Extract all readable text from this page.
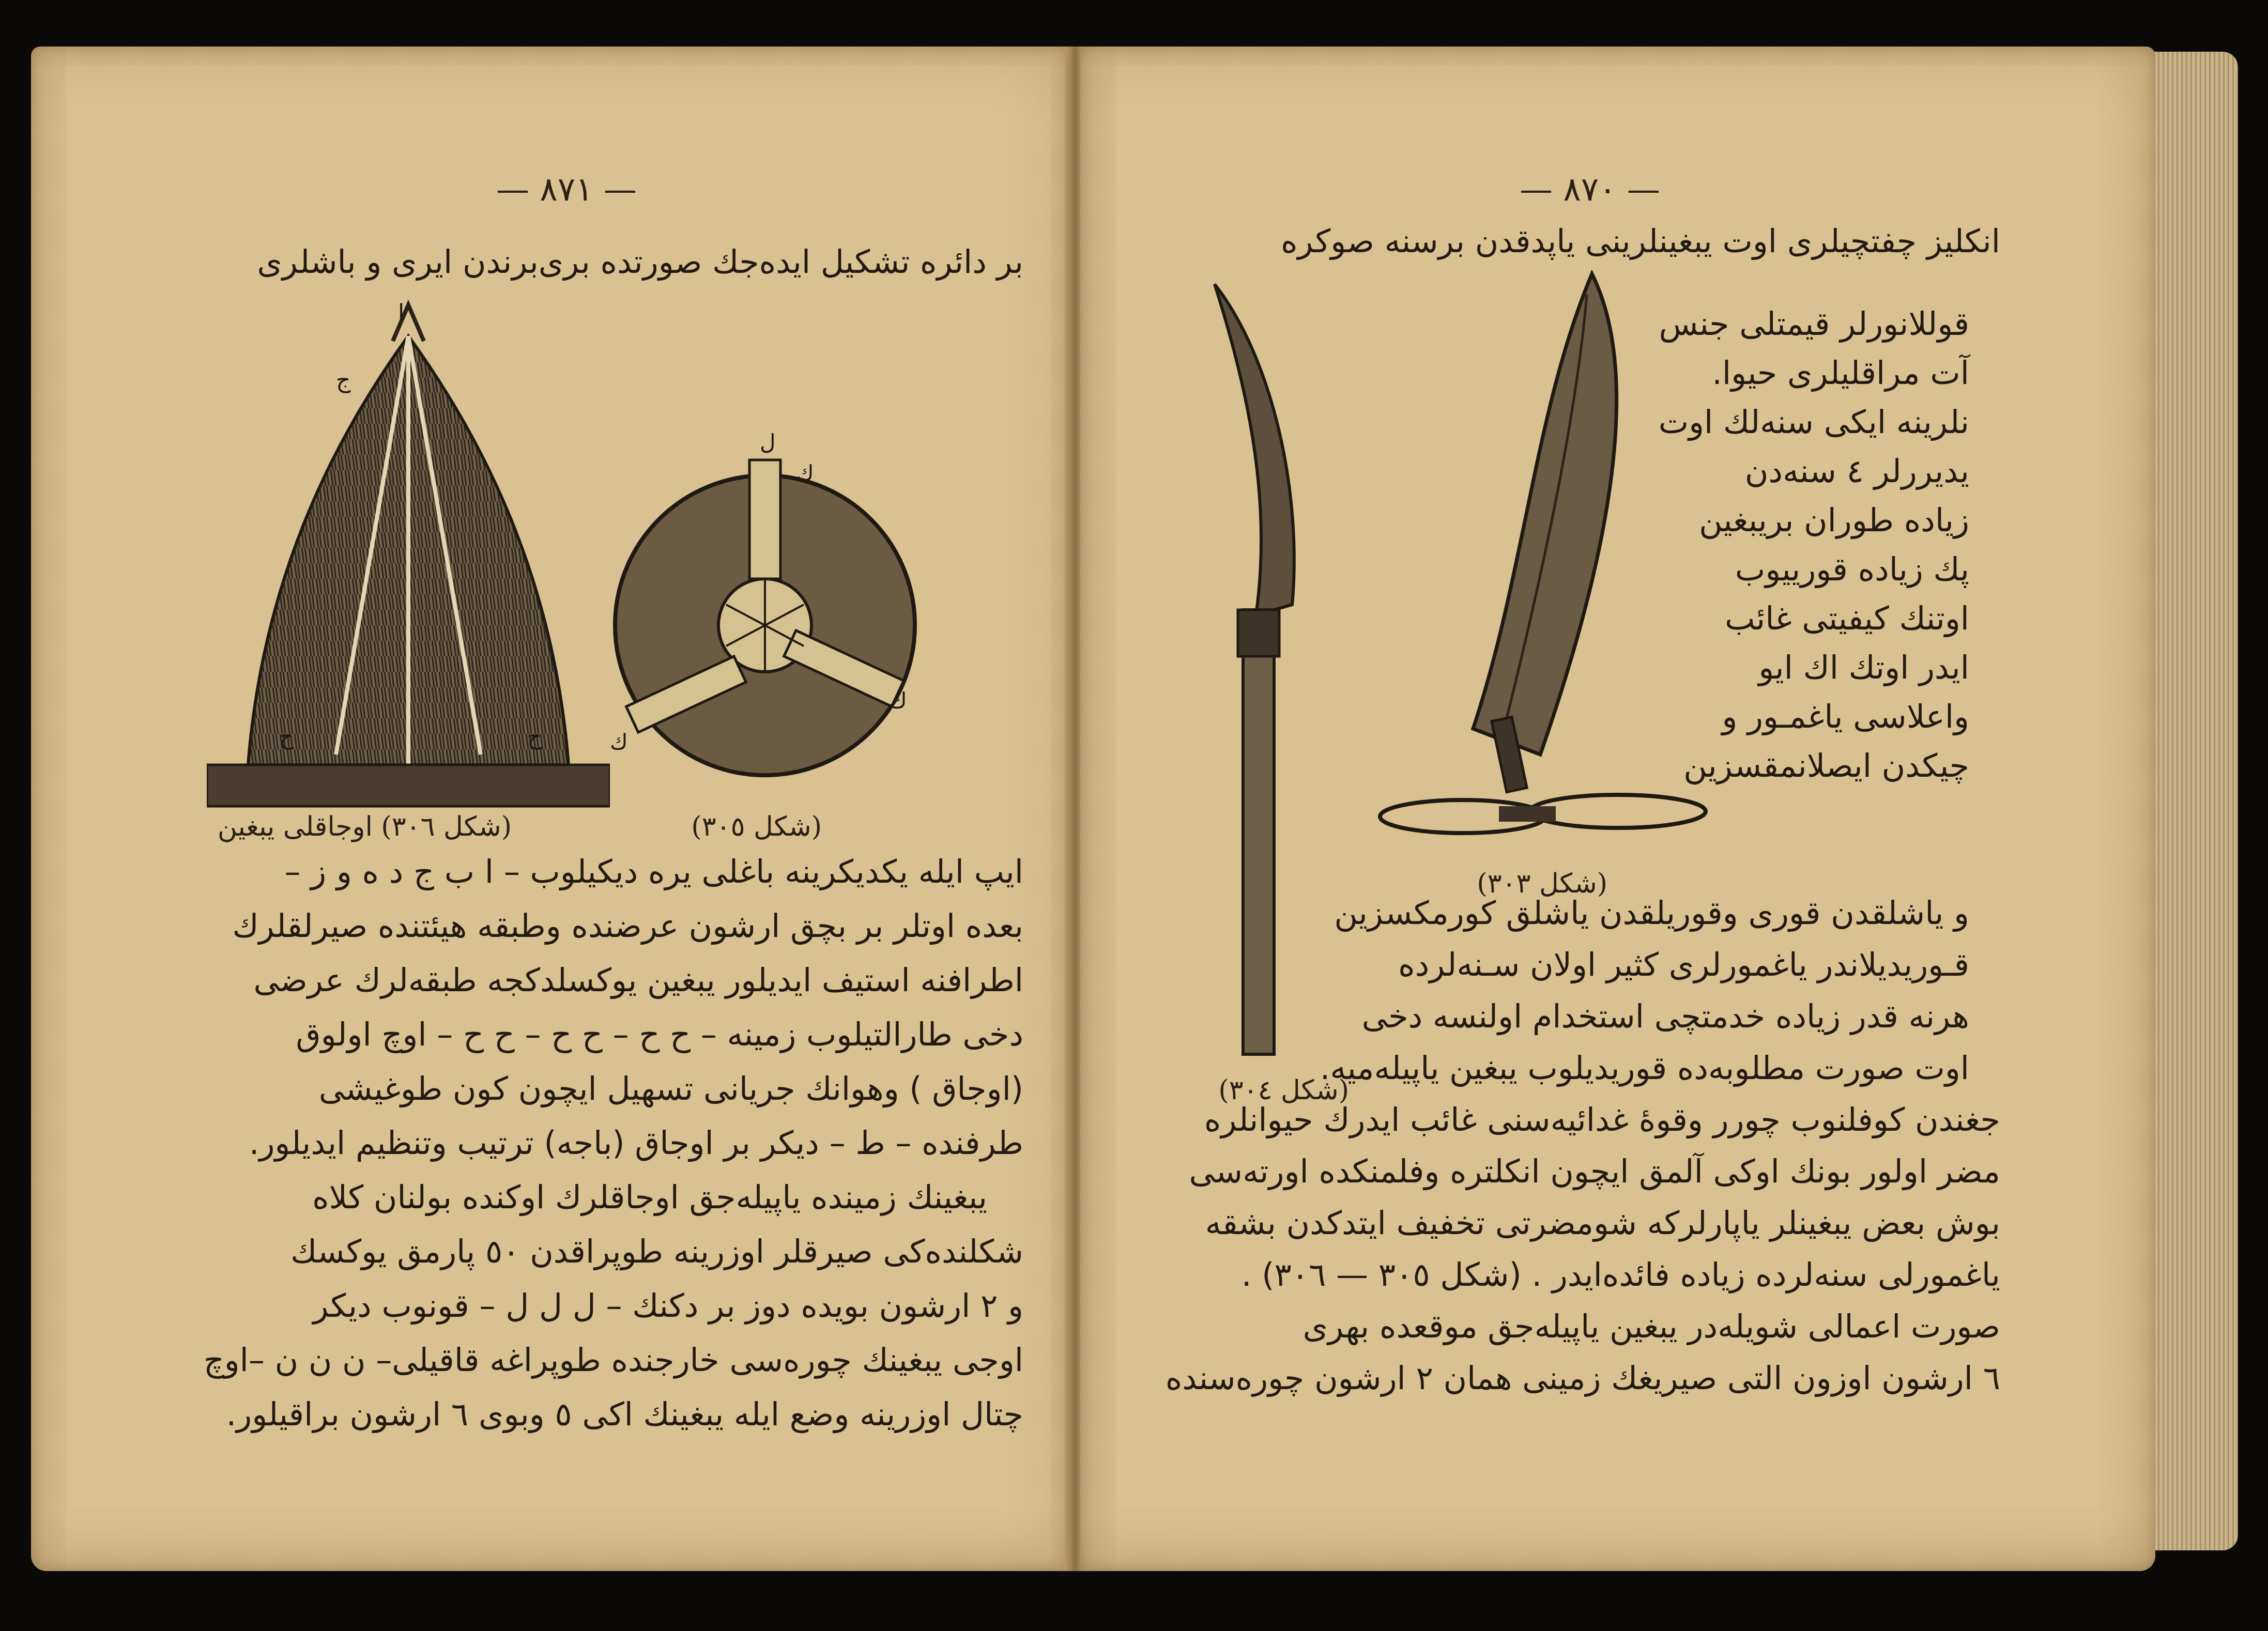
— ۸۷۱ —
بر دائره تشکیل ایده‌جك صورتده بری‌برندن ایری و باشلری
ا
ج
ح	ح
ل
ك
ك
ك
(شکل ٣٠٦) اوجاقلی یبغین	(شکل ٣٠٥)
ایپ ایله یکدیکرینه باغلی یره دیکیلوب – ا ب ج د ه و ز –
بعده اوتلر بر بچق ارشون عرضنده وطبقه هیئتنده صیرلقلرك
اطرافنه استیف ایدیلور یبغین یوکسلدکجه طبقه‌لرك عرضی
دخی طارالتیلوب زمینه – ح ح – ح ح – ح ح – اوچ اولوق
(اوجاق ) وهوانك جریانی تسهیل ایچون کون طوغیشی
طرفنده – ط – دیکر بر اوجاق (باجه) ترتیب وتنظیم ایدیلور.
یبغینك زمینده یاپیله‌جق اوجاقلرك اوکنده بولنان کلاه
شکلنده‌کی صیرقلر اوزرینه طوپراقدن ٥٠ پارمق یوکسك
و ٢ ارشون بویده دوز بر دکنك – ل ل ل – قونوب دیکر
اوجی یبغینك چوره‌سی خارجنده طوپراغه قاقیلی– ن ن ن –اوچ
چتال اوزرینه وضع ایله یبغینك اکی ٥ وبوی ٦ ارشون براقیلور.
— ۸۷۰ —
انکلیز چفتچیلری اوت یبغینلرینی یاپدقدن برسنه صوکره
(شکل ٣٠٤)
(شکل ٣٠٣)
قوللانورلر قیمتلی جنس
آت مراقلیلری حیوا.
نلرینه ایکی سنه‌لك اوت
یدیررلر ٤ سنه‌دن
زیاده طوران بریبغین
پك زیاده قورییوب
اوتنك کیفیتی غائب
ایدر اوتك اك ایو
واعلاسی یاغمـور و
چیکدن ایصلانمقسزین
و یاشلقدن قوری وقوریلقدن یاشلق کورمکسزین
قـوریدیلاندر یاغمورلری کثیر اولان سـنه‌لرده
هرنه قدر زیاده خدمتچی استخدام اولنسه دخی
اوت صورت مطلوبه‌ده قوریدیلوب یبغین یاپیله‌میه.
جغندن کوفلنوب چورر وقوهٔ غدائیه‌سنی غائب ایدرك حیوانلره
مضر اولور بونك اوکی آلمق ایچون انکلتره وفلمنکده اورته‌سی
بوش بعض یبغینلر یاپارلرکه شومضرتی تخفیف ایتدکدن بشقه
یاغمورلی سنه‌لرده زیاده فائده‌ایدر . (شکل ٣٠٥ — ٣٠٦) .
صورت اعمالی شویله‌در یبغین یاپیله‌جق موقعده بهری
٦ ارشون اوزون التی صیریغك زمینی همان ٢ ارشون چوره‌سنده
